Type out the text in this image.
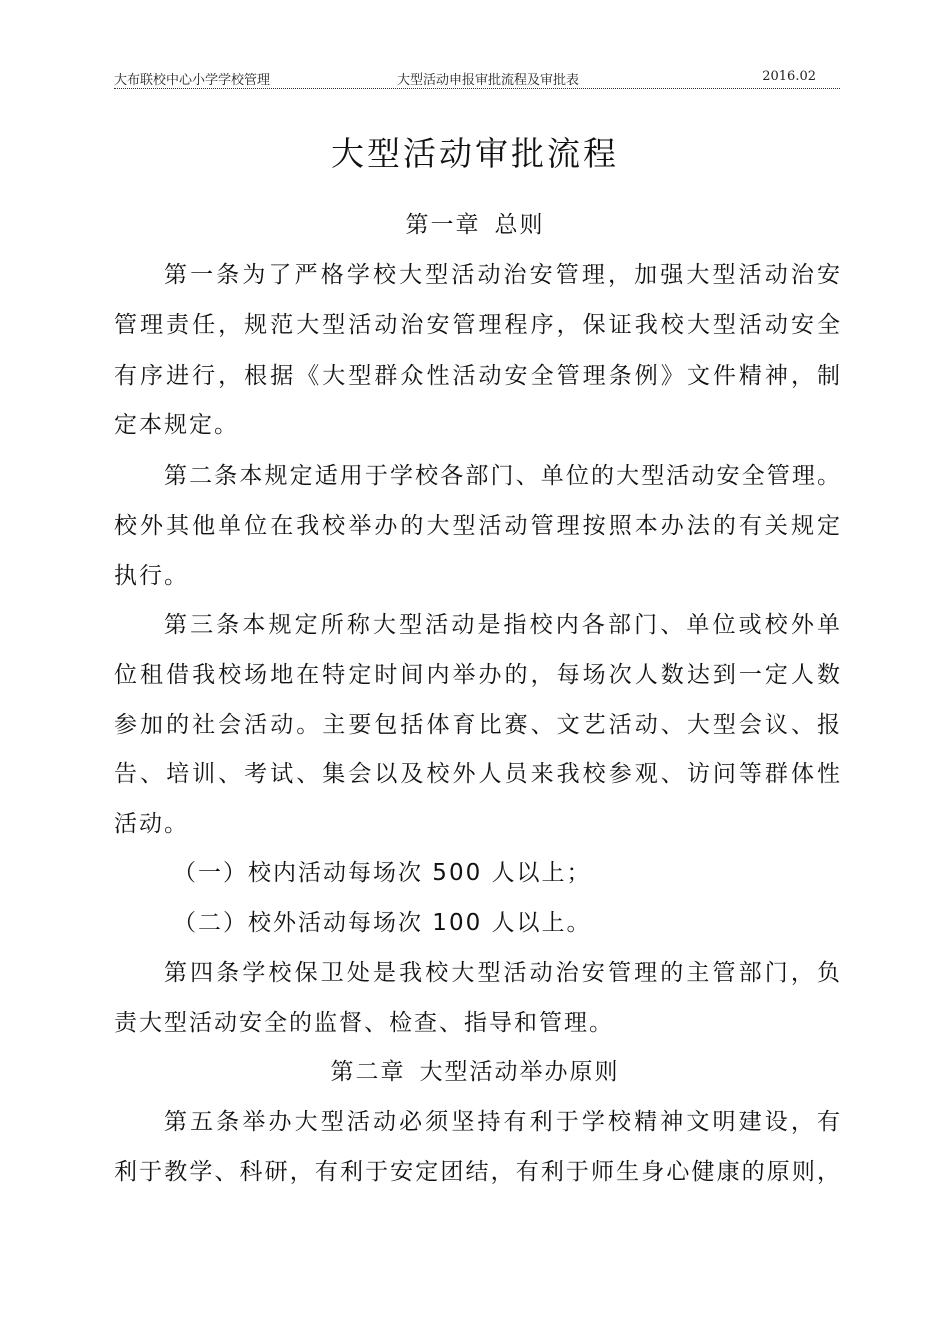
大布联校中心小学学校管理	大型活动申报审批流程及审批表	2016.02
大型活动审批流程
第一章 总则
第一条为了严格学校大型活动治安管理，加强大型活动治安
管理责任，规范大型活动治安管理程序，保证我校大型活动安全
有序进行，根据《大型群众性活动安全管理条例》文件精神，制
定本规定。
第二条本规定适用于学校各部门、单位的大型活动安全管理。
校外其他单位在我校举办的大型活动管理按照本办法的有关规定
执行。
第三条本规定所称大型活动是指校内各部门、单位或校外单
位租借我校场地在特定时间内举办的，每场次人数达到一定人数
参加的社会活动。主要包括体育比赛、文艺活动、大型会议、报
告、培训、考试、集会以及校外人员来我校参观、访问等群体性
活动。
（一）校内活动每场次 500 人以上；
（二）校外活动每场次 100 人以上。
第四条学校保卫处是我校大型活动治安管理的主管部门，负
责大型活动安全的监督、检查、指导和管理。
第二章 大型活动举办原则
第五条举办大型活动必须坚持有利于学校精神文明建设，有
利于教学、科研，有利于安定团结，有利于师生身心健康的原则，
